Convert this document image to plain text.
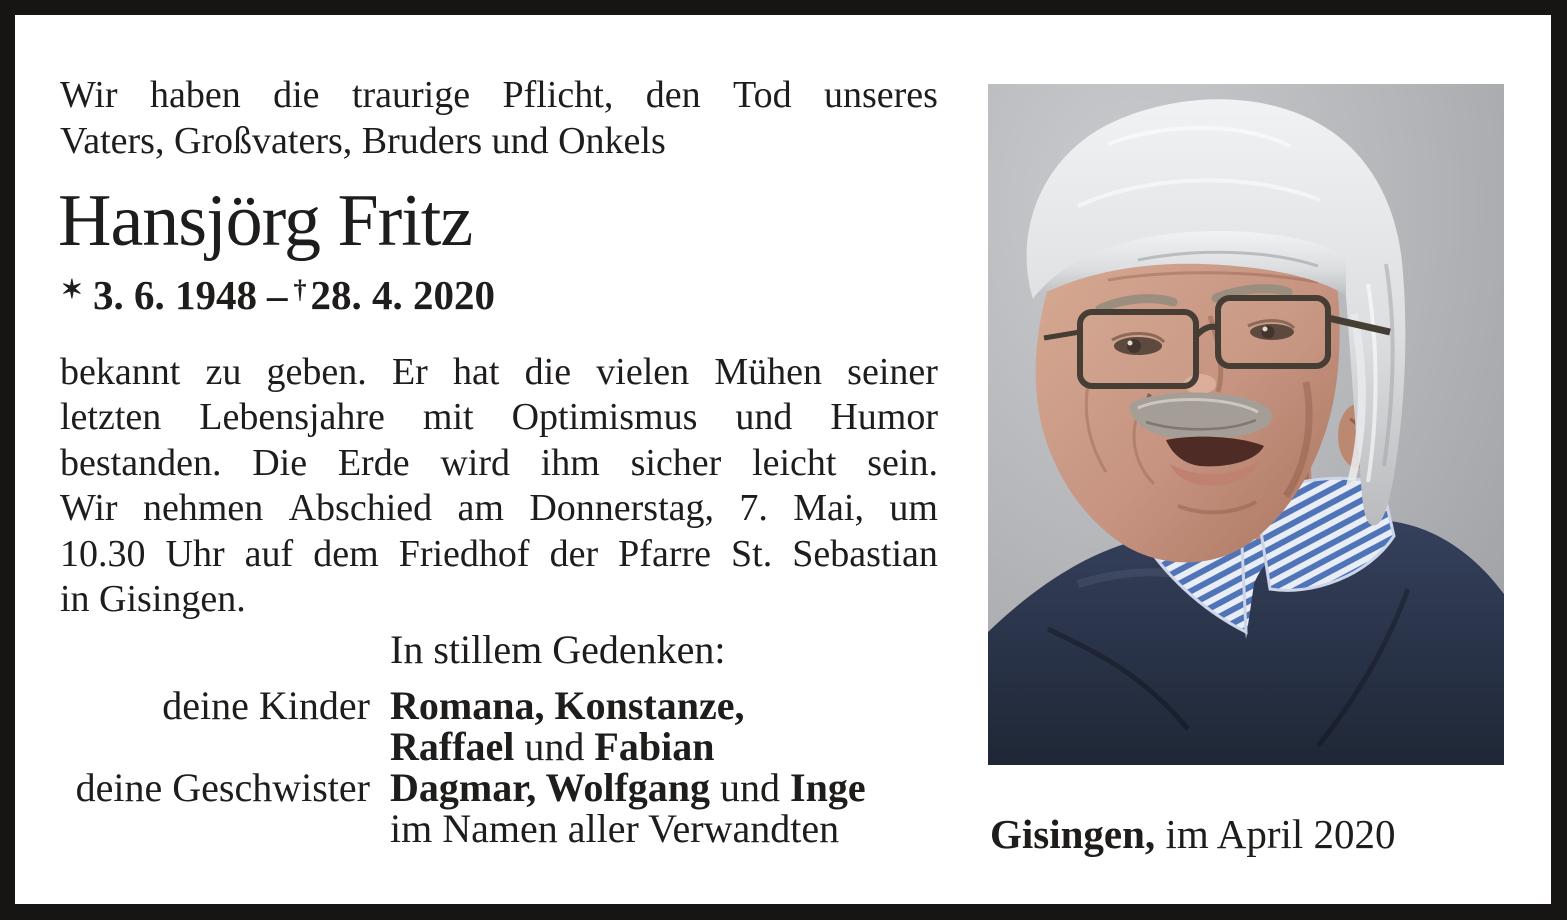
Wir haben die traurige Pflicht, den Tod unseres
Vaters, Großvaters, Bruders und Onkels
Hansjörg Fritz
✶ 3. 6. 1948 – †28. 4. 2020
bekannt zu geben. Er hat die vielen Mühen seiner
letzten Lebensjahre mit Optimismus und Humor
bestanden. Die Erde wird ihm sicher leicht sein.
Wir nehmen Abschied am Donnerstag, 7. Mai, um
10.30 Uhr auf dem Friedhof der Pfarre St. Sebastian
in Gisingen.
In stillem Gedenken:
deine Kinder Romana, Konstanze,
Raffael und Fabian
deine Geschwister Dagmar, Wolfgang und Inge
im Namen aller Verwandten	Gisingen, im April 2020
